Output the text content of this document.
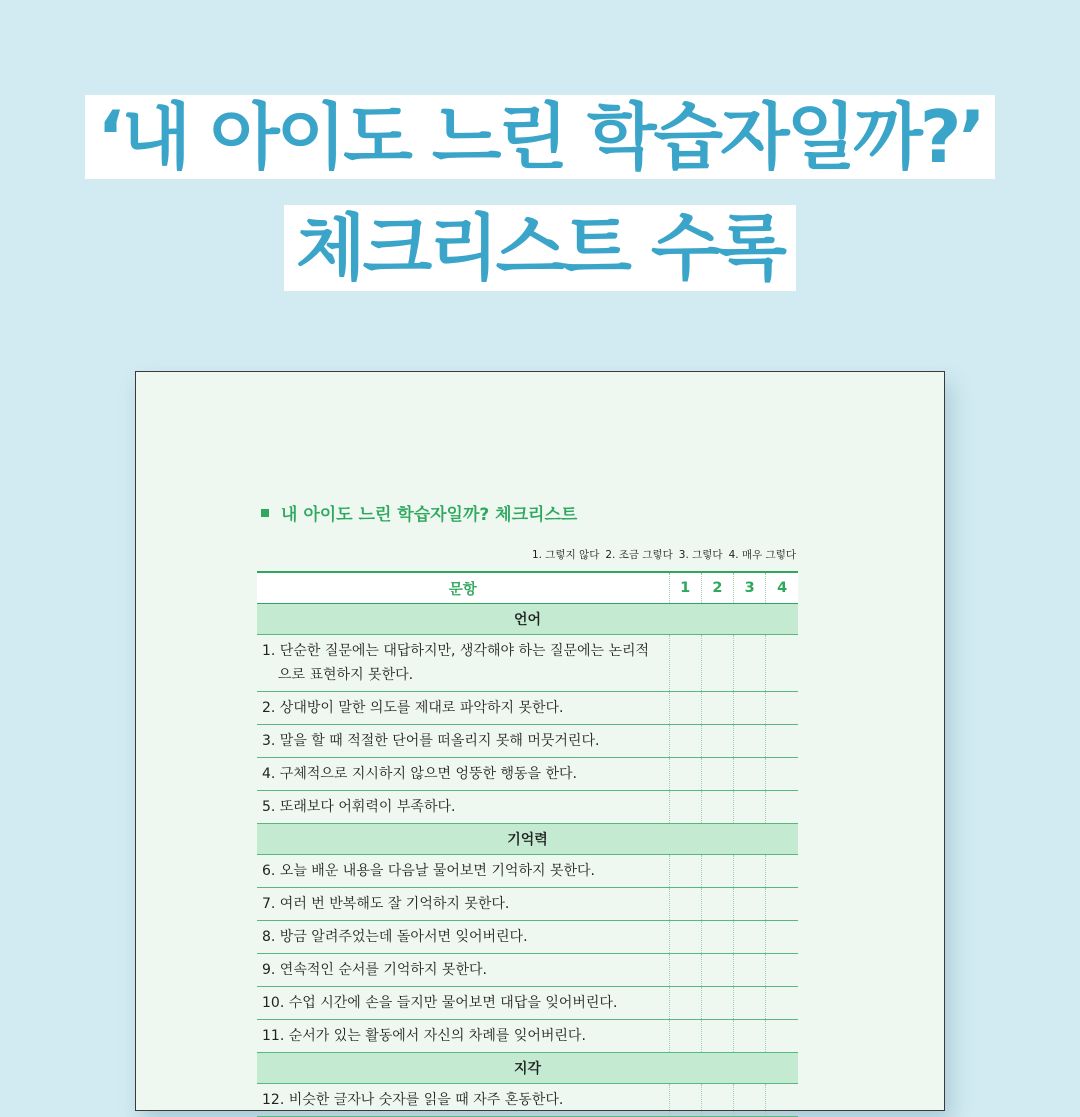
‘내 아이도 느린 학습자일까?’
체크리스트 수록
내 아이도 느린 학습자일까? 체크리스트
1. 그렇지 않다 2. 조금 그렇다 3. 그렇다 4. 매우 그렇다
문항	1	2	3	4
언어				

1. 단순한 질문에는 대답하지만, 생각해야 하는 질문에는 논리적으로 표현하지 못한다.				

2. 상대방이 말한 의도를 제대로 파악하지 못한다.				

3. 말을 할 때 적절한 단어를 떠올리지 못해 머뭇거린다.				

4. 구체적으로 지시하지 않으면 엉뚱한 행동을 한다.				

5. 또래보다 어휘력이 부족하다.				

기억력				

6. 오늘 배운 내용을 다음날 물어보면 기억하지 못한다.				

7. 여러 번 반복해도 잘 기억하지 못한다.				

8. 방금 알려주었는데 돌아서면 잊어버린다.				

9. 연속적인 순서를 기억하지 못한다.				

10. 수업 시간에 손을 들지만 물어보면 대답을 잊어버린다.				

11. 순서가 있는 활동에서 자신의 차례를 잊어버린다.				

지각				

12. 비슷한 글자나 숫자를 읽을 때 자주 혼동한다.				
